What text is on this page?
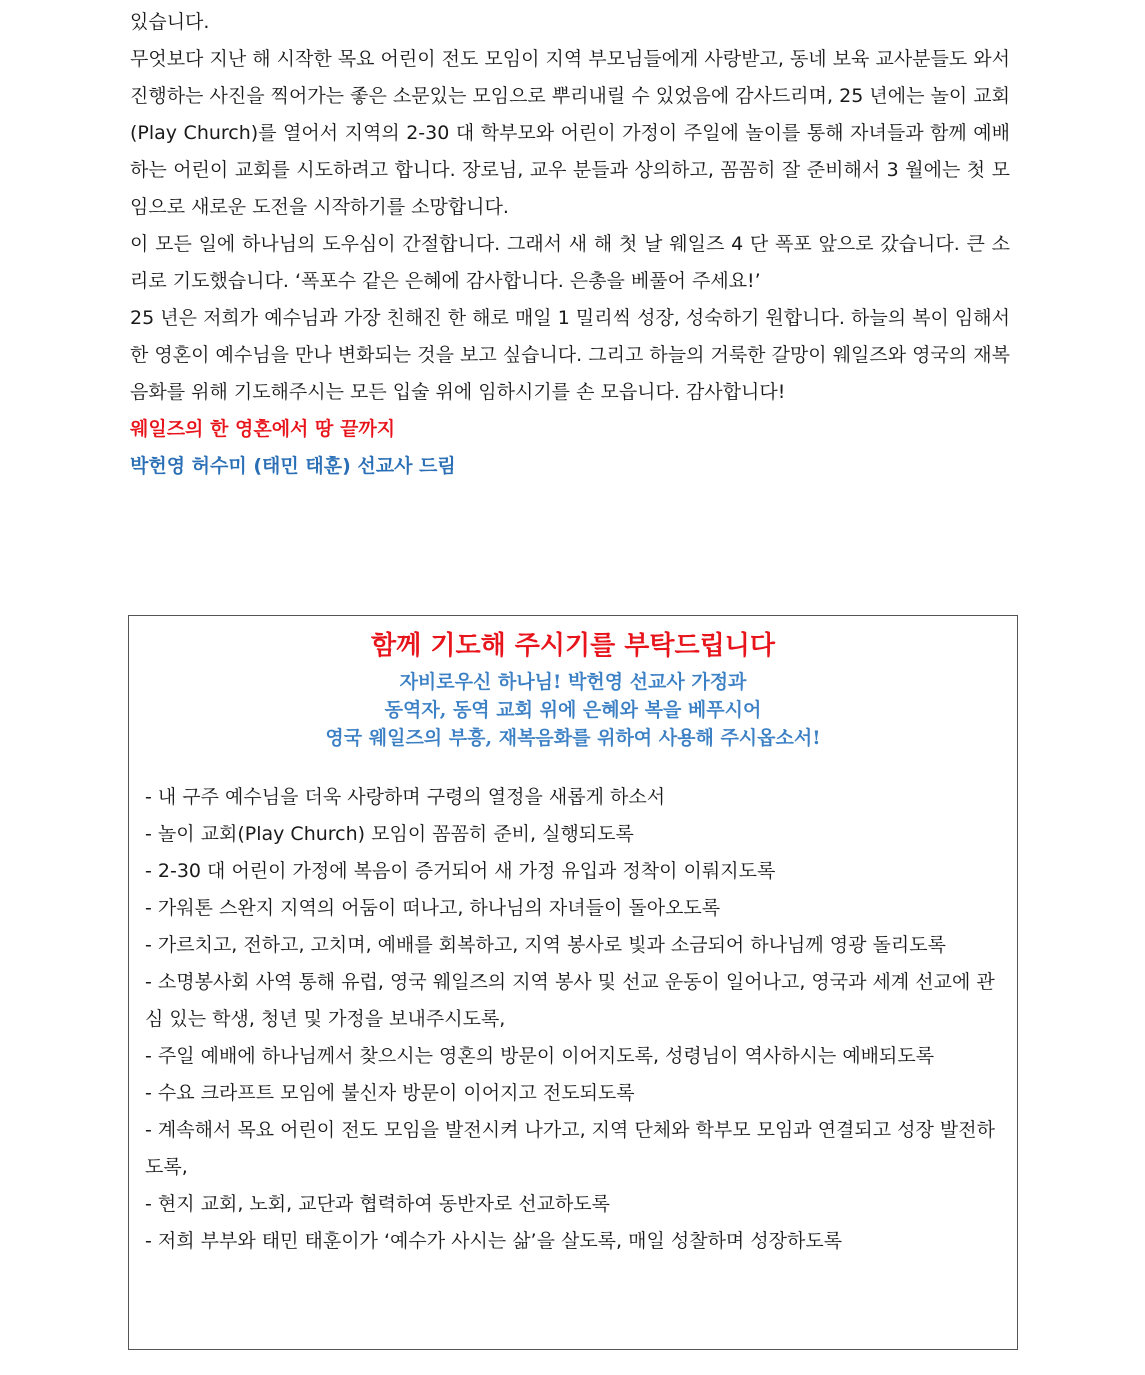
있습니다.

무엇보다 지난 해 시작한 목요 어린이 전도 모임이 지역 부모님들에게 사랑받고, 동네 보육 교사분들도 와서 진행하는 사진을 찍어가는 좋은 소문있는 모임으로 뿌리내릴 수 있었음에 감사드리며, 25 년에는 놀이 교회(Play Church)를 열어서 지역의 2-30 대 학부모와 어린이 가정이 주일에 놀이를 통해 자녀들과 함께 예배하는 어린이 교회를 시도하려고 합니다. 장로님, 교우 분들과 상의하고, 꼼꼼히 잘 준비해서 3 월에는 첫 모임으로 새로운 도전을 시작하기를 소망합니다.

이 모든 일에 하나님의 도우심이 간절합니다. 그래서 새 해 첫 날 웨일즈 4 단 폭포 앞으로 갔습니다. 큰 소리로 기도했습니다. ‘폭포수 같은 은혜에 감사합니다. 은총을 베풀어 주세요!’

25 년은 저희가 예수님과 가장 친해진 한 해로 매일 1 밀리씩 성장, 성숙하기 원합니다. 하늘의 복이 임해서 한 영혼이 예수님을 만나 변화되는 것을 보고 싶습니다. 그리고 하늘의 거룩한 갈망이 웨일즈와 영국의 재복음화를 위해 기도해주시는 모든 입술 위에 임하시기를 손 모읍니다. 감사합니다!

웨일즈의 한 영혼에서 땅 끝까지

박헌영 허수미 (태민 태훈) 선교사 드림

함께 기도해 주시기를 부탁드립니다

자비로우신 하나님! 박헌영 선교사 가정과

동역자, 동역 교회 위에 은혜와 복을 베푸시어

영국 웨일즈의 부흥, 재복음화를 위하여 사용해 주시옵소서!

- 내 구주 예수님을 더욱 사랑하며 구령의 열정을 새롭게 하소서

- 놀이 교회(Play Church) 모임이 꼼꼼히 준비, 실행되도록

- 2-30 대 어린이 가정에 복음이 증거되어 새 가정 유입과 정착이 이뤄지도록

- 가워톤 스완지 지역의 어둠이 떠나고, 하나님의 자녀들이 돌아오도록

- 가르치고, 전하고, 고치며, 예배를 회복하고, 지역 봉사로 빛과 소금되어 하나님께 영광 돌리도록

- 소명봉사회 사역 통해 유럽, 영국 웨일즈의 지역 봉사 및 선교 운동이 일어나고, 영국과 세계 선교에 관심 있는 학생, 청년 및 가정을 보내주시도록,

- 주일 예배에 하나님께서 찾으시는 영혼의 방문이 이어지도록, 성령님이 역사하시는 예배되도록

- 수요 크라프트 모임에 불신자 방문이 이어지고 전도되도록

- 계속해서 목요 어린이 전도 모임을 발전시켜 나가고, 지역 단체와 학부모 모임과 연결되고 성장 발전하도록,

- 현지 교회, 노회, 교단과 협력하여 동반자로 선교하도록

- 저희 부부와 태민 태훈이가 ‘예수가 사시는 삶’을 살도록, 매일 성찰하며 성장하도록
